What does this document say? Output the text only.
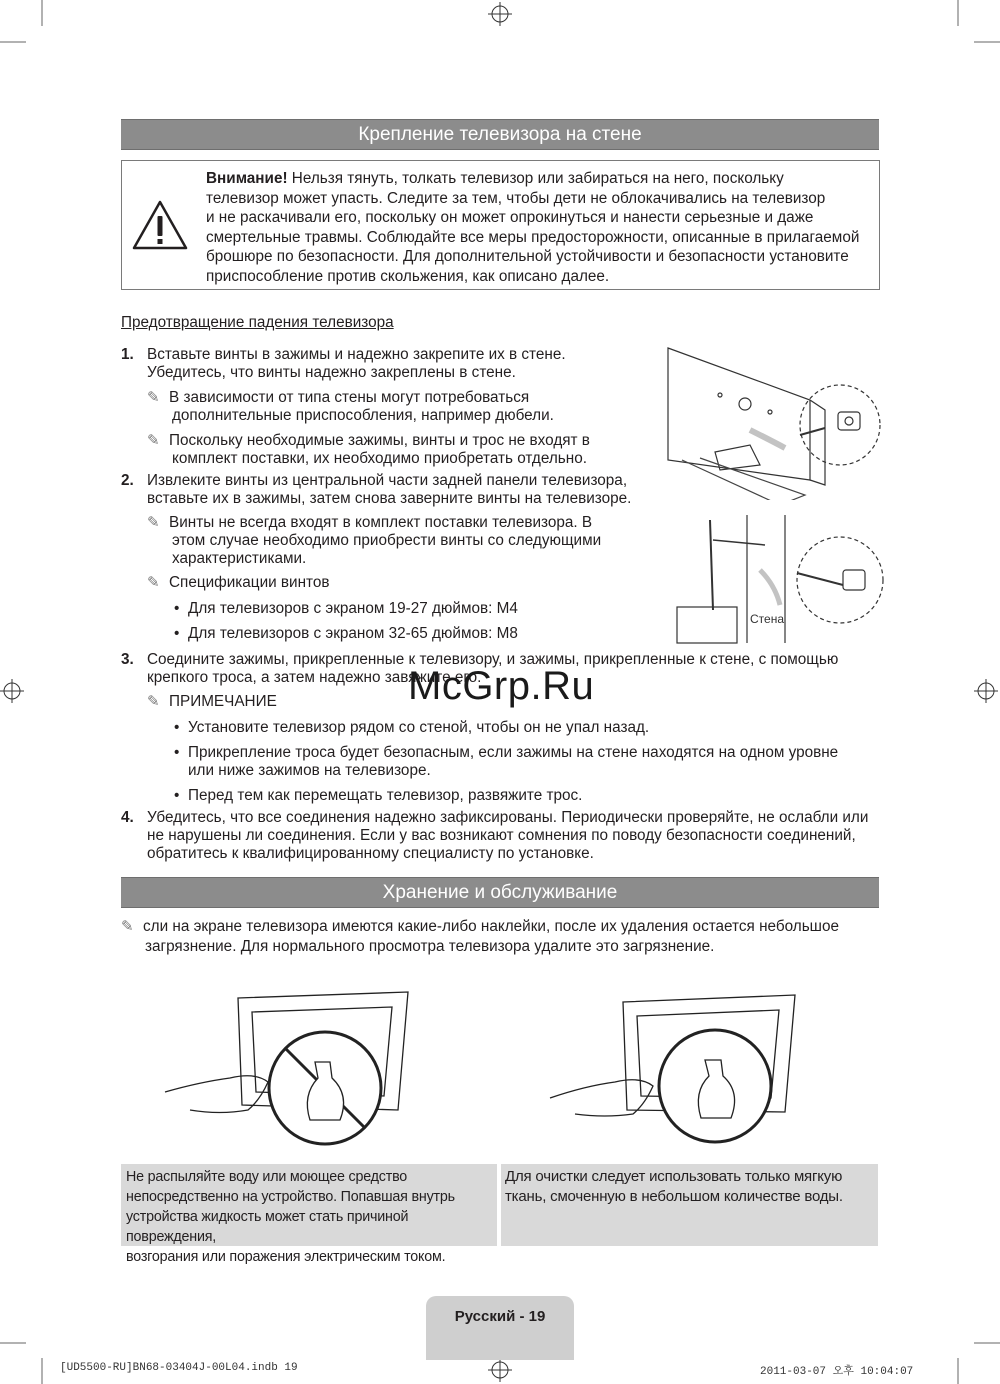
Крепление телевизора на стене
Внимание! Нельзя тянуть, толкать телевизор или забираться на него, поскольку
телевизор может упасть. Следите за тем, чтобы дети не облокачивались на телевизор
и не раскачивали его, поскольку он может опрокинуться и нанести серьезные и даже
смертельные травмы. Соблюдайте все меры предосторожности, описанные в прилагаемой
брошюре по безопасности. Для дополнительной устойчивости и безопасности установите
приспособление против скольжения, как описано далее.
Предотвращение падения телевизора
1. Вставьте винты в зажимы и надежно закрепите их в стене.
Убедитесь, что винты надежно закреплены в стене.
✎ В зависимости от типа стены могут потребоваться
дополнительные приспособления, например дюбели.
✎ Поскольку необходимые зажимы, винты и трос не входят в
комплект поставки, их необходимо приобретать отдельно.
2. Извлеките винты из центральной части задней панели телевизора,
вставьте их в зажимы, затем снова заверните винты на телевизоре.
✎ Винты не всегда входят в комплект поставки телевизора. В
этом случае необходимо приобрести винты со следующими
характеристиками.
✎ Спецификации винтов
• Для телевизоров с экраном 19-27 дюймов: M4
• Для телевизоров с экраном 32-65 дюймов: M8
3. Соедините зажимы, прикрепленные к телевизору, и зажимы, прикрепленные к стене, с помощью
крепкого троса, а затем надежно завяжите его.
✎ ПРИМЕЧАНИЕ
• Установите телевизор рядом со стеной, чтобы он не упал назад.
• Прикрепление троса будет безопасным, если зажимы на стене находятся на одном уровне
или ниже зажимов на телевизоре.
• Перед тем как перемещать телевизор, развяжите трос.
4. Убедитесь, что все соединения надежно зафиксированы. Периодически проверяйте, не ослабли или
не нарушены ли соединения. Если у вас возникают сомнения по поводу безопасности соединений,
обратитесь к квалифицированному специалисту по установке.
Стена
McGrp.Ru
Хранение и обслуживание
✎ сли на экране телевизора имеются какие-либо наклейки, после их удаления остается небольшое
загрязнение. Для нормального просмотра телевизора удалите это загрязнение.
Не распыляйте воду или моющее средство
непосредственно на устройство. Попавшая внутрь
устройства жидкость может стать причиной повреждения,
возгорания или поражения электрическим током.
Для очистки следует использовать только мягкую
ткань, смоченную в небольшом количестве воды.
Русский - 19
[UD5500-RU]BN68-03404J-00L04.indb 19	2011-03-07 오후 10:04:07
